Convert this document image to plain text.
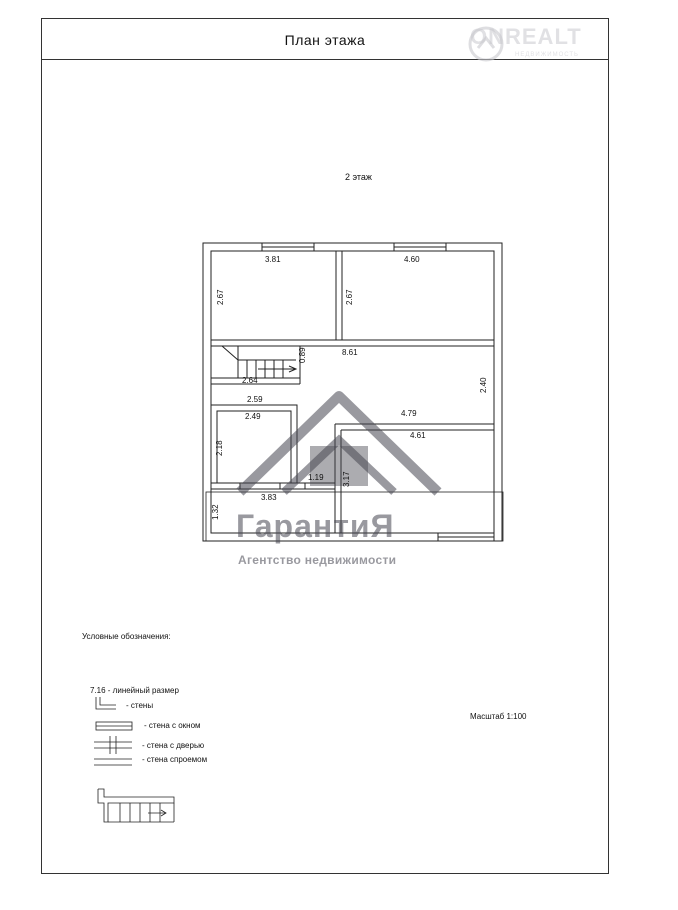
План этажа	ONREALT
НЕДВИЖИМОСТЬ
2 этаж
3.81	4.60
2.67	2.67
8.61
0.89
2.64	2.40
2.59
2.49	4.79
4.61
2.18
1.19 3.17
3.83
1.32 ГарантиЯ
Агентство недвижимости
Условные обозначения:
7.16 - линейный размер
- стены
- стена с окном
- стена с дверью
- стена спроемом
Масштаб 1:100
